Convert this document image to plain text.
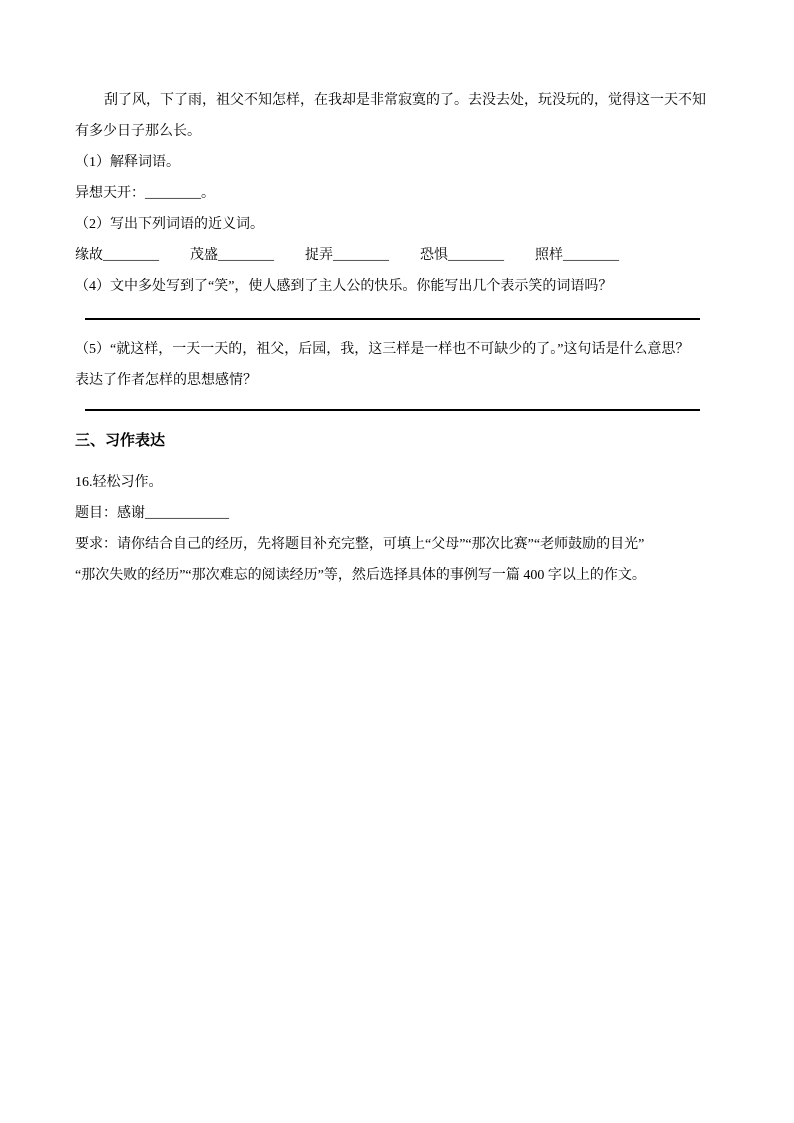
刮了风，下了雨，祖父不知怎样，在我却是非常寂寞的了。去没去处，玩没玩的，觉得这一天不知
有多少日子那么长。
（1）解释词语。
异想天开：________。
（2）写出下列词语的近义词。
缘故________ 茂盛________ 捉弄________ 恐惧________ 照样________
（4）文中多处写到了“笑”，使人感到了主人公的快乐。你能写出几个表示笑的词语吗？
（5）“就这样，一天一天的，祖父，后园，我，这三样是一样也不可缺少的了。”这句话是什么意思？
表达了作者怎样的思想感情？
三、习作表达
16.轻松习作。
题目：感谢____________
要求：请你结合自己的经历，先将题目补充完整，可填上“父母”“那次比赛”“老师鼓励的目光”
“那次失败的经历”“那次难忘的阅读经历”等，然后选择具体的事例写一篇 400 字以上的作文。
